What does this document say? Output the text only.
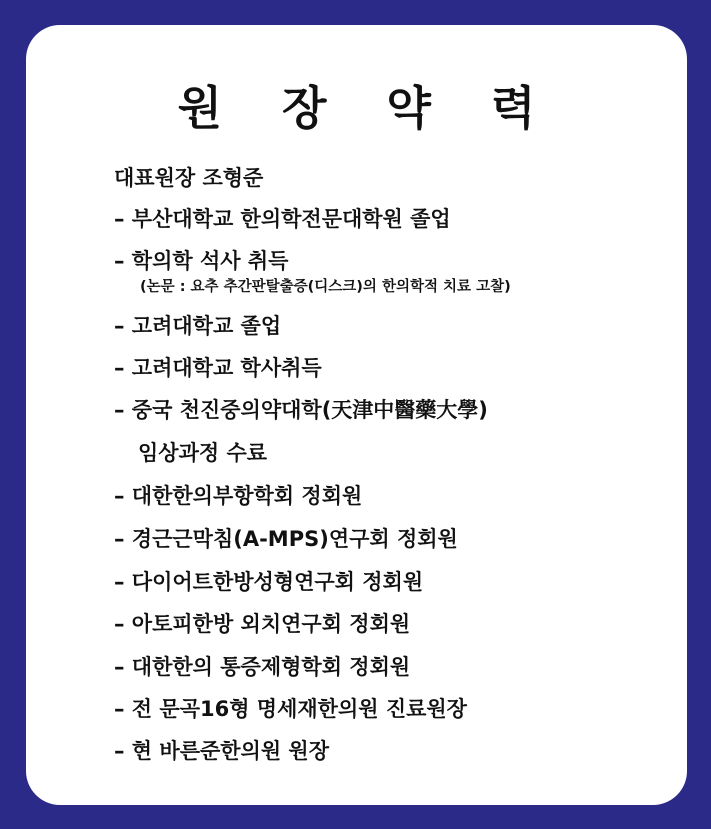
원 장 약 력
대표원장 조형준
– 부산대학교 한의학전문대학원 졸업
– 학의학 석사 취득
(논문 : 요추 추간판탈출증(디스크)의 한의학적 치료 고찰)
– 고려대학교 졸업
– 고려대학교 학사취득
– 중국 천진중의약대학(天津中醫藥大學)
임상과정 수료
– 대한한의부항학회 정회원
– 경근근막침(A-MPS)연구회 정회원
– 다이어트한방성형연구회 정회원
– 아토피한방 외치연구회 정회원
– 대한한의 통증제형학회 정회원
– 전 문곡16형 명세재한의원 진료원장
– 현 바른준한의원 원장
